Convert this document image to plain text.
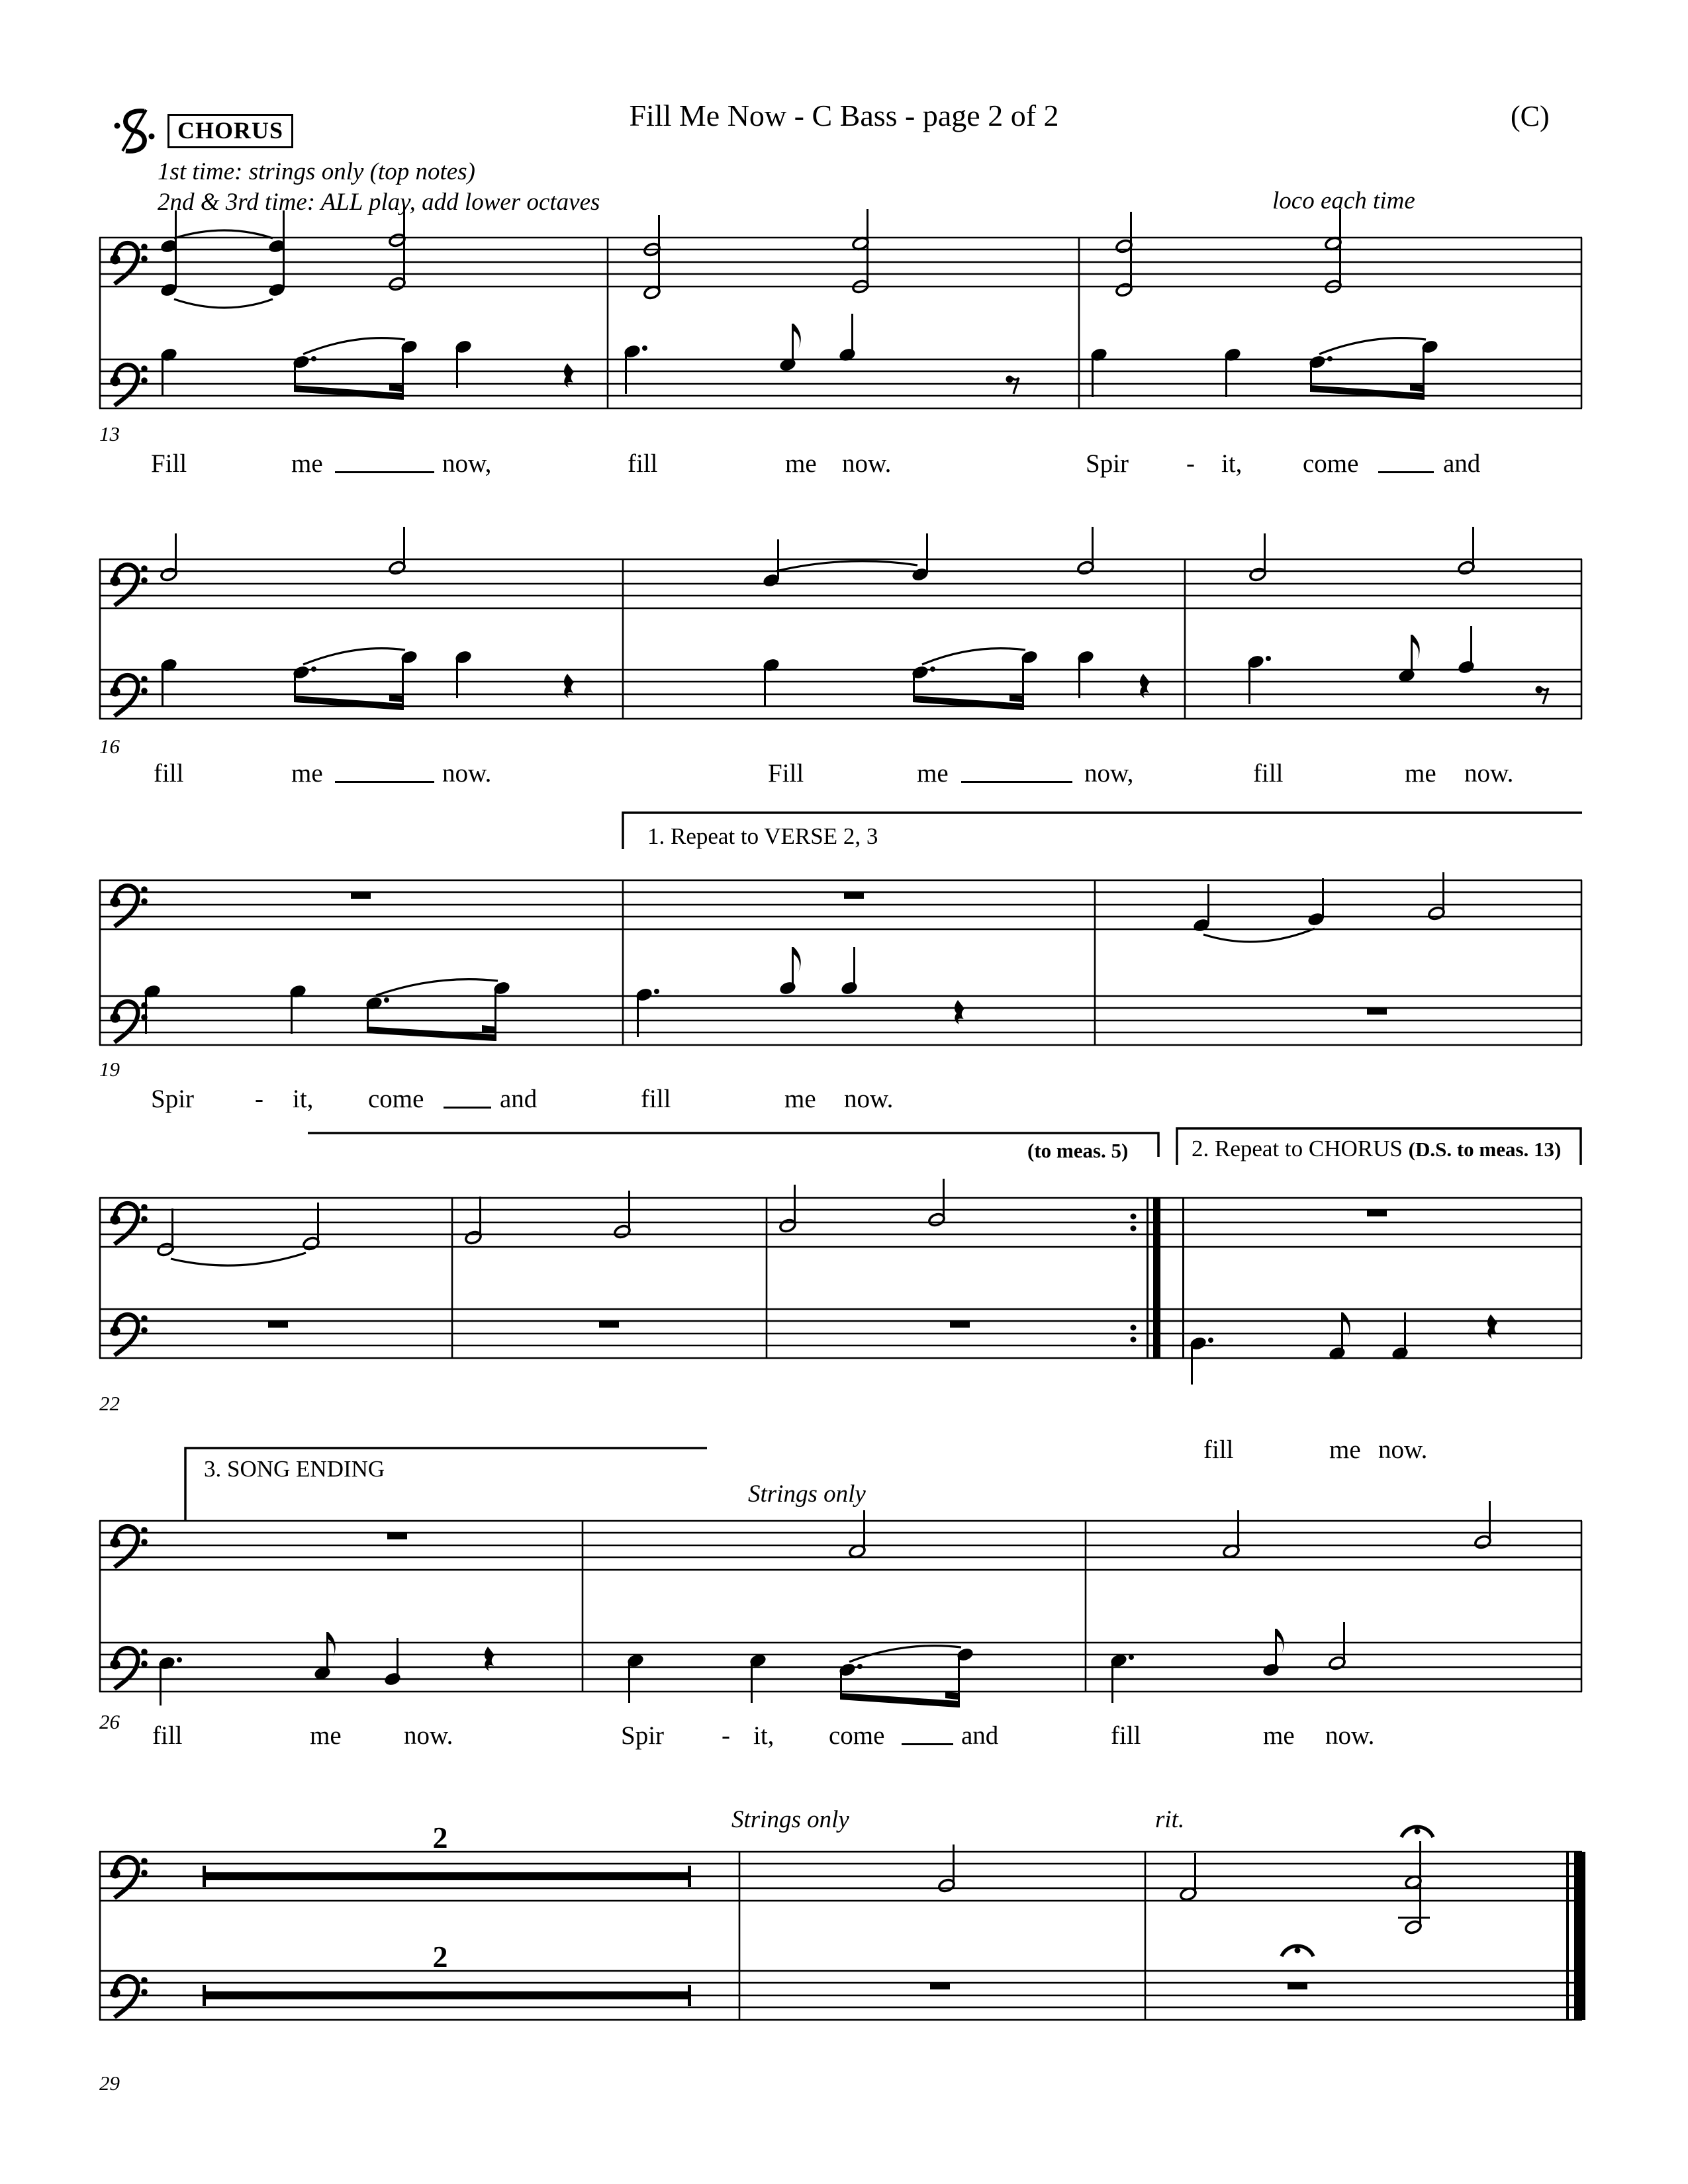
2
2
Fill Me Now - C Bass - page 2 of 2	(C)
CHORUS
1st time: strings only (top notes)
2nd & 3rd time: ALL play, add lower octaves	loco each time
Strings only
Strings only	rit.
1. Repeat to VERSE 2, 3
(to meas. 5)	2. Repeat to CHORUS (D.S. to meas. 13)
3. SONG ENDING
13
16
19
22
26
29
Fill	me	now,	fill	me now.	Spir - it, come	and
fill	me	now.	Fill	me	now,	fill	me now.
Spir - it, come	and	fill	me now.
fill	me now.
fill	me now.	Spir - it, come	and	fill	me now.
